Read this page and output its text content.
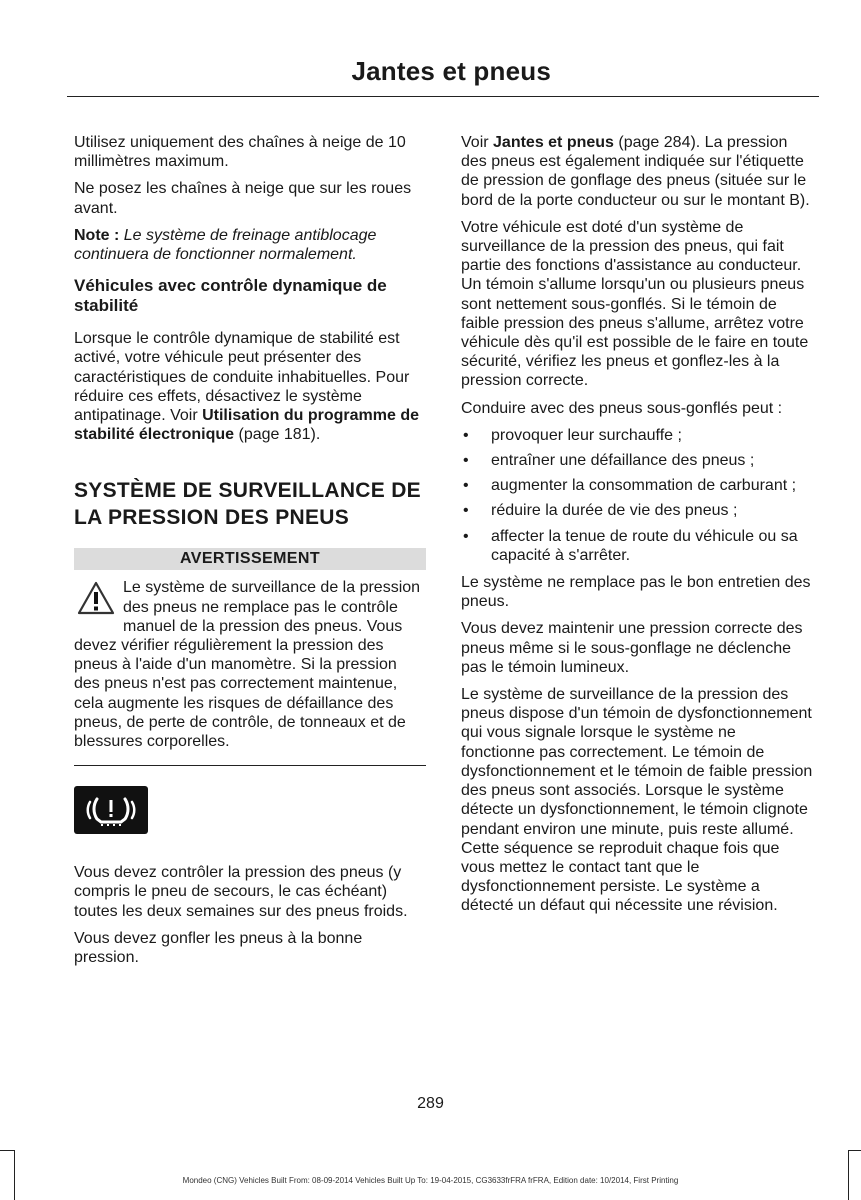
Jantes et pneus

Utilisez uniquement des chaînes à neige de 10 millimètres maximum.

Ne posez les chaînes à neige que sur les roues avant.

Note : Le système de freinage antiblocage continuera de fonctionner normalement.

Véhicules avec contrôle dynamique de stabilité

Lorsque le contrôle dynamique de stabilité est activé, votre véhicule peut présenter des caractéristiques de conduite inhabituelles. Pour réduire ces effets, désactivez le système antipatinage. Voir Utilisation du programme de stabilité électronique (page 181).

SYSTÈME DE SURVEILLANCE DE LA PRESSION DES PNEUS
AVERTISSEMENT
Le système de surveillance de la pression des pneus ne remplace pas le contrôle manuel de la pression des pneus. Vous devez vérifier régulièrement la pression des pneus à l'aide d'un manomètre. Si la pression des pneus n'est pas correctement maintenue, cela augmente les risques de défaillance des pneus, de perte de contrôle, de tonneaux et de blessures corporelles.

Vous devez contrôler la pression des pneus (y compris le pneu de secours, le cas échéant) toutes les deux semaines sur des pneus froids.

Vous devez gonfler les pneus à la bonne pression.

Voir Jantes et pneus (page 284). La pression des pneus est également indiquée sur l'étiquette de pression de gonflage des pneus (située sur le bord de la porte conducteur ou sur le montant B).

Votre véhicule est doté d'un système de surveillance de la pression des pneus, qui fait partie des fonctions d'assistance au conducteur. Un témoin s'allume lorsqu'un ou plusieurs pneus sont nettement sous-gonflés. Si le témoin de faible pression des pneus s'allume, arrêtez votre véhicule dès qu'il est possible de le faire en toute sécurité, vérifiez les pneus et gonflez-les à la pression correcte.

Conduire avec des pneus sous-gonflés peut :

• provoquer leur surchauffe ;
• entraîner une défaillance des pneus ;
• augmenter la consommation de carburant ;
• réduire la durée de vie des pneus ;
• affecter la tenue de route du véhicule ou sa capacité à s'arrêter.

Le système ne remplace pas le bon entretien des pneus.

Vous devez maintenir une pression correcte des pneus même si le sous-gonflage ne déclenche pas le témoin lumineux.

Le système de surveillance de la pression des pneus dispose d'un témoin de dysfonctionnement qui vous signale lorsque le système ne fonctionne pas correctement. Le témoin de dysfonctionnement et le témoin de faible pression des pneus sont associés. Lorsque le système détecte un dysfonctionnement, le témoin clignote pendant environ une minute, puis reste allumé. Cette séquence se reproduit chaque fois que vous mettez le contact tant que le dysfonctionnement persiste. Le système a détecté un défaut qui nécessite une révision.

289
Mondeo (CNG) Vehicles Built From: 08-09-2014 Vehicles Built Up To: 19-04-2015, CG3633frFRA frFRA, Edition date: 10/2014, First Printing
